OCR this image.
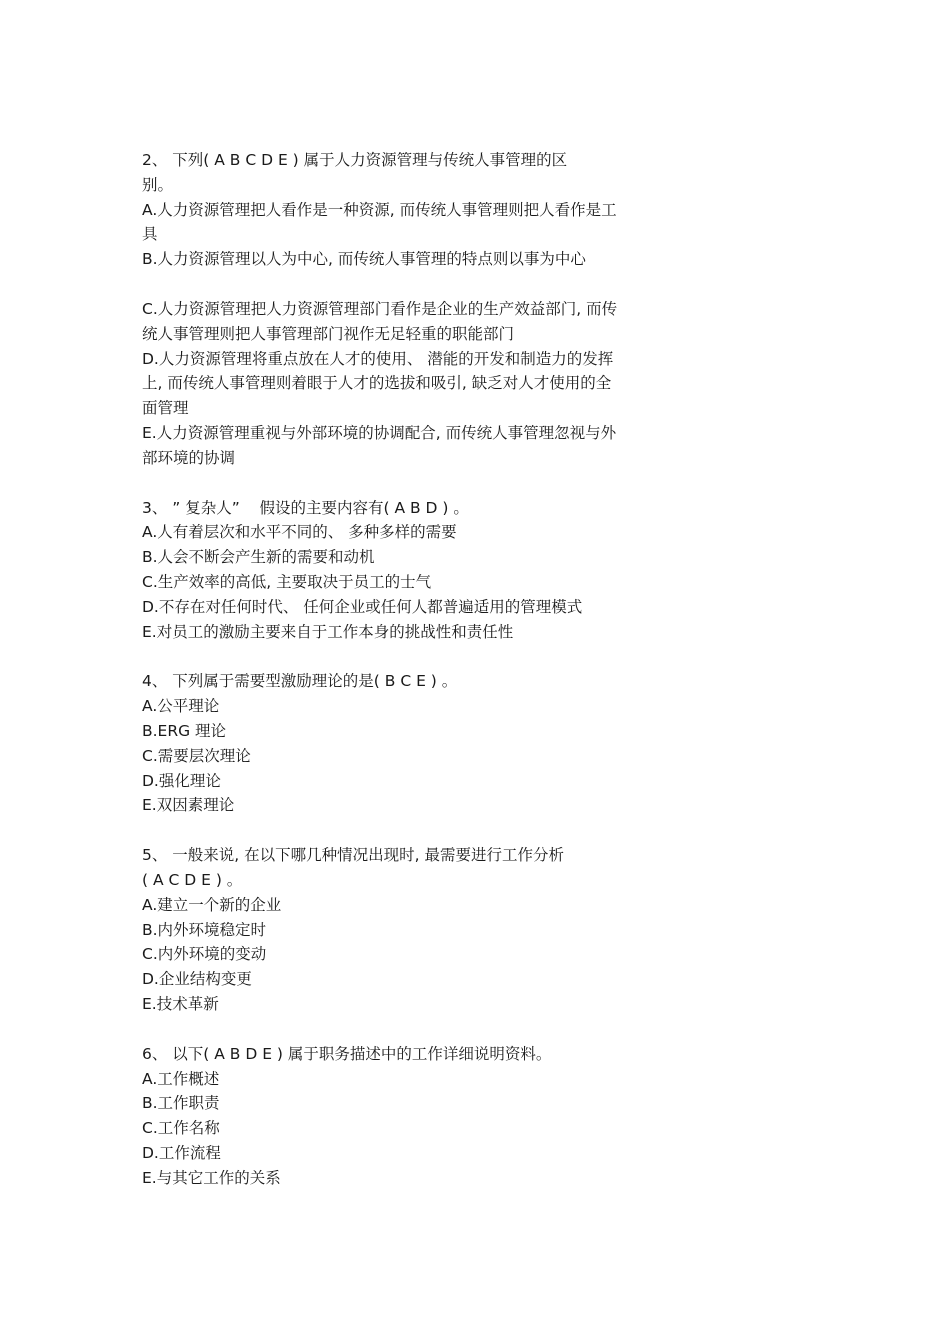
2、 下列( A B C D E ) 属于人力资源管理与传统人事管理的区
别。
A.人力资源管理把人看作是一种资源, 而传统人事管理则把人看作是工
具
B.人力资源管理以人为中心, 而传统人事管理的特点则以事为中心
C.人力资源管理把人力资源管理部门看作是企业的生产效益部门, 而传
统人事管理则把人事管理部门视作无足轻重的职能部门
D.人力资源管理将重点放在人才的使用、 潜能的开发和制造力的发挥
上, 而传统人事管理则着眼于人才的选拔和吸引, 缺乏对人才使用的全
面管理
E.人力资源管理重视与外部环境的协调配合, 而传统人事管理忽视与外
部环境的协调
3、 ” 复杂人”    假设的主要内容有( A B D ) 。
A.人有着层次和水平不同的、 多种多样的需要
B.人会不断会产生新的需要和动机
C.生产效率的高低, 主要取决于员工的士气
D.不存在对任何时代、 任何企业或任何人都普遍适用的管理模式
E.对员工的激励主要来自于工作本身的挑战性和责任性
4、 下列属于需要型激励理论的是( B C E ) 。
A.公平理论
B.ERG 理论
C.需要层次理论
D.强化理论
E.双因素理论
5、 一般来说, 在以下哪几种情况出现时, 最需要进行工作分析
( A C D E ) 。
A.建立一个新的企业
B.内外环境稳定时
C.内外环境的变动
D.企业结构变更
E.技术革新
6、 以下( A B D E ) 属于职务描述中的工作详细说明资料。
A.工作概述
B.工作职责
C.工作名称
D.工作流程
E.与其它工作的关系
